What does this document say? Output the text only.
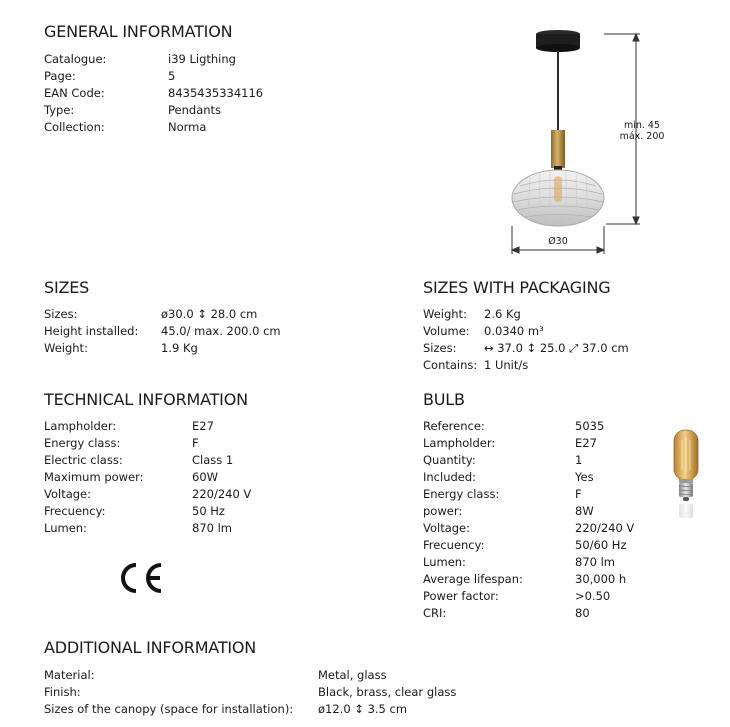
GENERAL INFORMATION
Catalogue:	i39 Ligthing
Page:	5
EAN Code:	8435435334116
Type:	Pendants
Collection:	Norma	min. 45
máx. 200
Ø30
SIZES
Sizes:	ø30.0 ↕ 28.0 cm
Height installed: 45.0/ max. 200.0 cm
Weight:	1.9 Kg
SIZES WITH PACKAGING
Weight: 2.6 Kg
Volume: 0.0340 m³
Sizes: ↔ 37.0 ↕ 25.0 ⤢ 37.0 cm
Contains: 1 Unit/s
TECHNICAL INFORMATION
Lampholder:	E27
Energy class:	F
Electric class:	Class 1
Maximum power:	60W
Voltage:	220/240 V
Frecuency:	50 Hz
Lumen:	870 lm
BULB
Reference:	5035
Lampholder:	E27
Quantity:	1
Included:	Yes
Energy class:	F
power:	8W
Voltage:	220/240 V
Frecuency:	50/60 Hz
Lumen:	870 lm
Average lifespan:	30,000 h
Power factor:	>0.50
CRI:	80
ADDITIONAL INFORMATION
Material:	Metal, glass
Finish:	Black, brass, clear glass
Sizes of the canopy (space for installation): ø12.0 ↕ 3.5 cm
